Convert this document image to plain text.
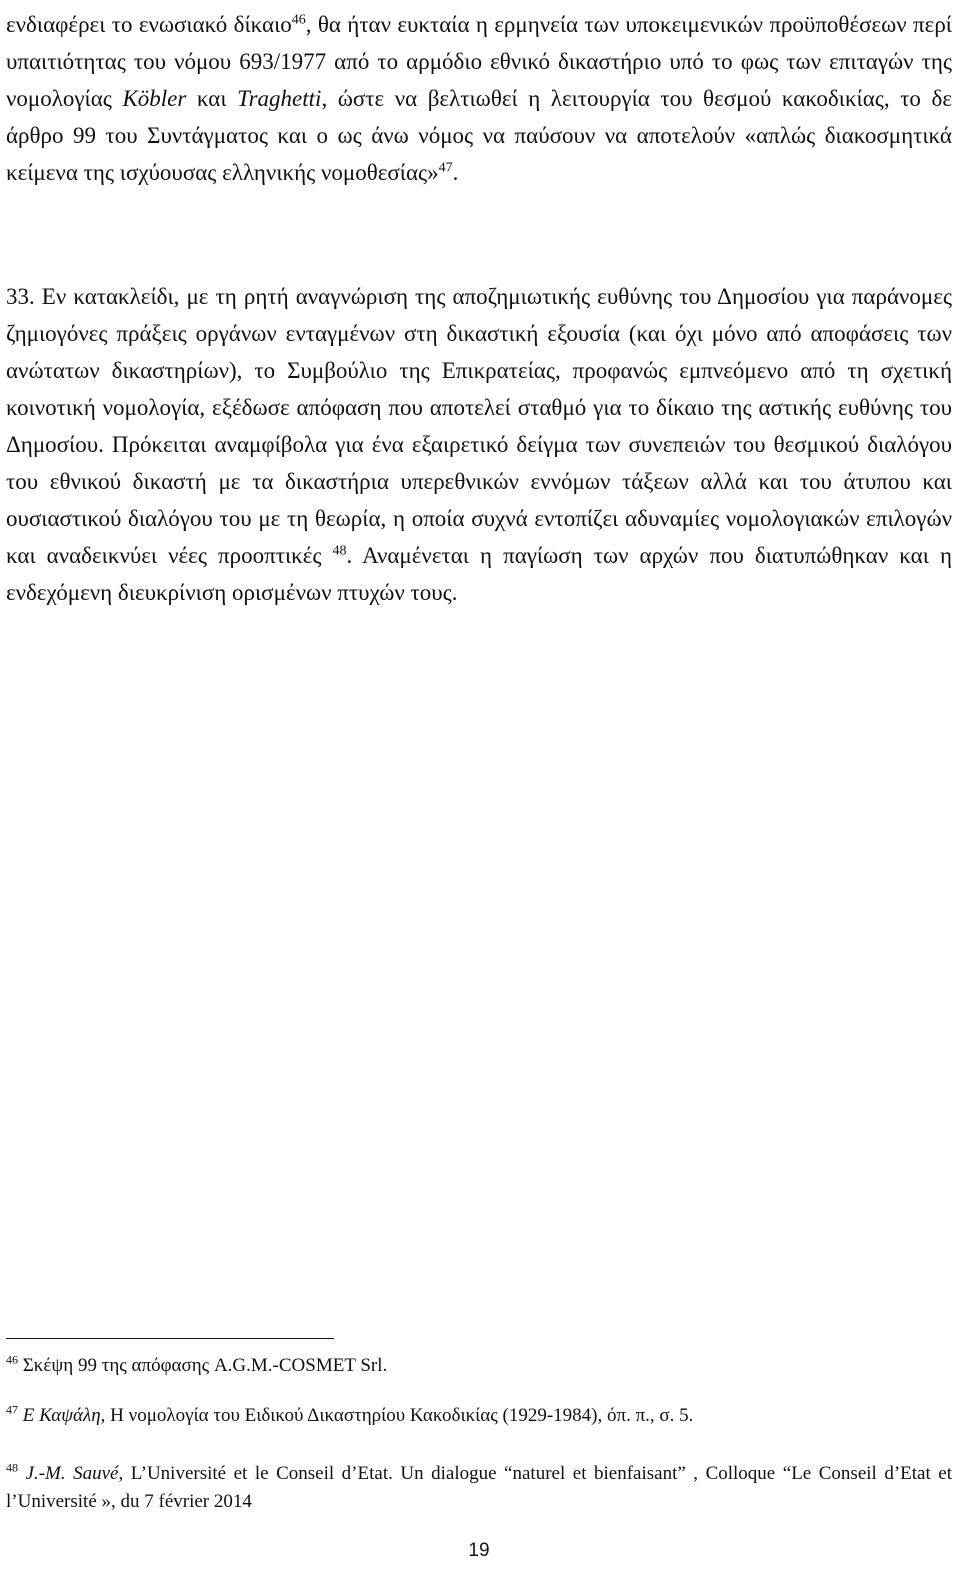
ενδιαφέρει το ενωσιακό δίκαιο$^{46}$, θα ήταν ευκταία η ερμηνεία των υποκειμενικών προϋποθέσεων περί υπαιτιότητας του νόμου 693/1977 από το αρμόδιο εθνικό δικαστήριο υπό το φως των επιταγών της νομολογίας Köbler και Traghetti, ώστε να βελτιωθεί η λειτουργία του θεσμού κακοδικίας, το δε άρθρο 99 του Συντάγματος και ο ως άνω νόμος να παύσουν να αποτελούν «απλώς διακοσμητικά κείμενα της ισχύουσας ελληνικής νομοθεσίας»$^{47}$.

33. Εν κατακλείδι, με τη ρητή αναγνώριση της αποζημιωτικής ευθύνης του Δημοσίου για παράνομες ζημιογόνες πράξεις οργάνων ενταγμένων στη δικαστική εξουσία (και όχι μόνο από αποφάσεις των ανώτατων δικαστηρίων), το Συμβούλιο της Επικρατείας, προφανώς εμπνεόμενο από τη σχετική κοινοτική νομολογία, εξέδωσε απόφαση που αποτελεί σταθμό για το δίκαιο της αστικής ευθύνης του Δημοσίου. Πρόκειται αναμφίβολα για ένα εξαιρετικό δείγμα των συνεπειών του θεσμικού διαλόγου του εθνικού δικαστή με τα δικαστήρια υπερεθνικών εννόμων τάξεων αλλά και του άτυπου και ουσιαστικού διαλόγου του με τη θεωρία, η οποία συχνά εντοπίζει αδυναμίες νομολογιακών επιλογών και αναδεικνύει νέες προοπτικές $^{48}$. Αναμένεται η παγίωση των αρχών που διατυπώθηκαν και η ενδεχόμενη διευκρίνιση ορισμένων πτυχών τους.

$^{46}$ Σκέψη 99 της απόφασης A.G.M.-COSMET Srl.

$^{47}$ Ε Καψάλη, Η νομολογία του Ειδικού Δικαστηρίου Κακοδικίας (1929-1984), όπ. π., σ. 5.

$^{48}$ J.-M. Sauvé, L’Université et le Conseil d’Etat. Un dialogue “naturel et bienfaisant” , Colloque “Le Conseil d’Etat et l’Université », du 7 février 2014

19
